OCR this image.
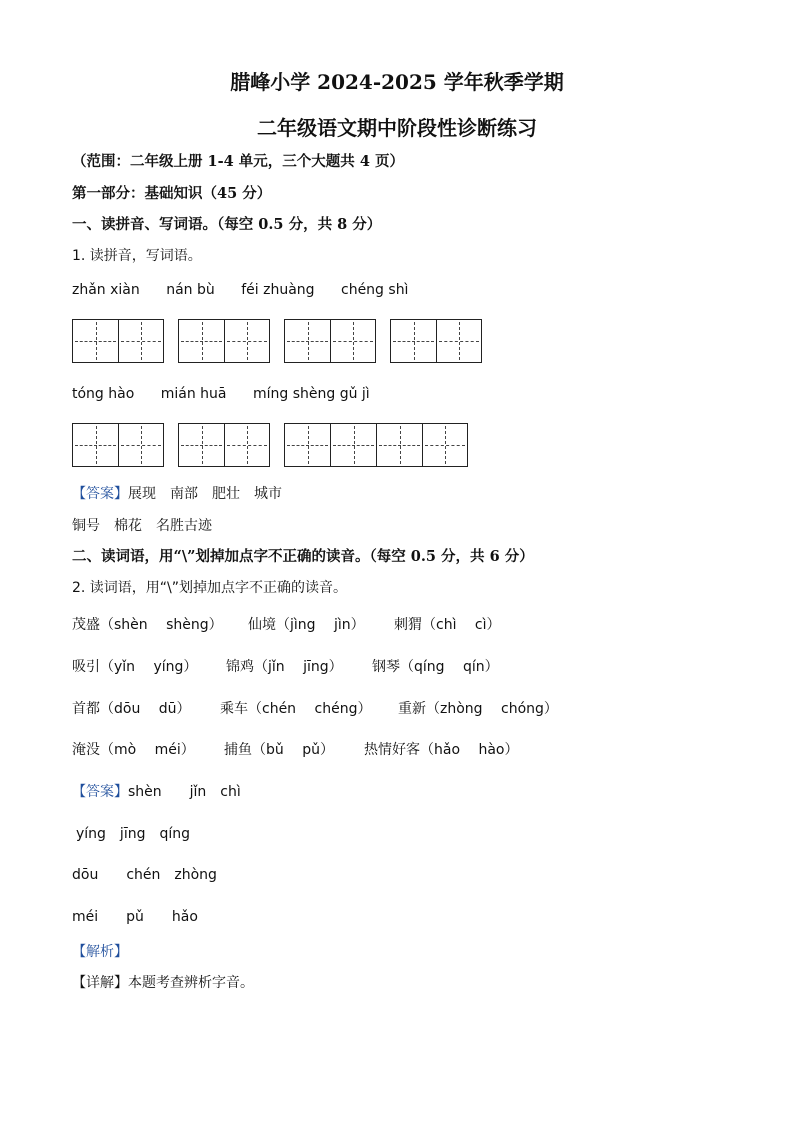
腊峰小学 2024-2025 学年秋季学期
二年级语文期中阶段性诊断练习
（范围：二年级上册 1-4 单元，三个大题共 4 页）
第一部分：基础知识（45 分）
一、读拼音、写词语。（每空 0.5 分，共 8 分）
1. 读拼音，写词语。
zhǎn xiàn nán bù féi zhuàng chéng shì
tóng hào mián huā míng shèng gǔ jì
【答案】展现　南部　肥壮　城市
铜号　棉花　名胜古迹
二、读词语，用“\”划掉加点字不正确的读音。（每空 0.5 分，共 6 分）
2. 读词语，用“\”划掉加点字不正确的读音。
茂盛（shèn　 shèng） 仙境（jìng　 jìn） 刺猬（chì　 cì）
吸引（yǐn　 yíng） 锦鸡（jǐn　 jīng） 钢琴（qíng　 qín）
首都（dōu　 dū） 乘车（chén　 chéng） 重新（zhòng　 chóng）
淹没（mò　 méi） 捕鱼（bǔ　 pǔ） 热情好客（hǎo　 hào）
【答案】shèn　　jǐn　chì
yíng　jīng　qíng
dōu　　chén　zhòng
méi　　pǔ　　hǎo
【解析】
【详解】本题考查辨析字音。
